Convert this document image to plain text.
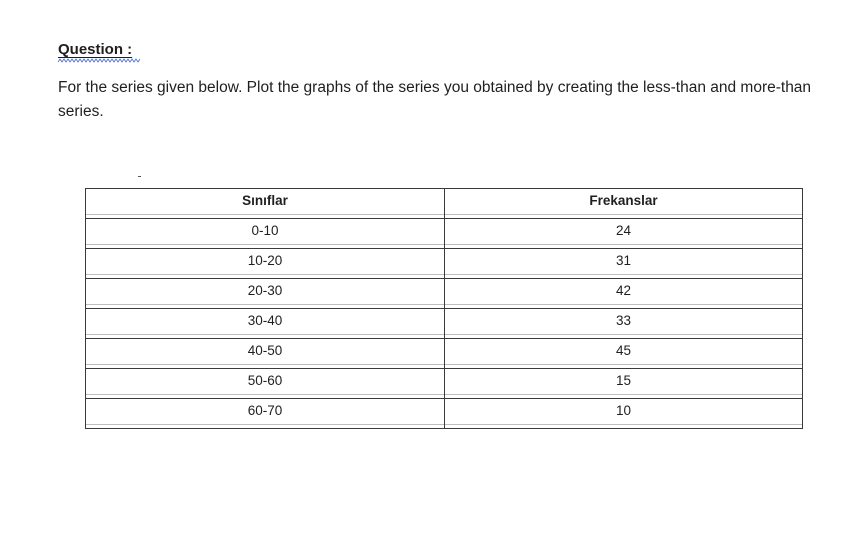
Question :

For the series given below. Plot the graphs of the series you obtained by creating the less-than and more-than series.

Sınıflar	Frekanslar

0-10	24

10-20	31

20-30	42

30-40	33

40-50	45

50-60	15

60-70	10
